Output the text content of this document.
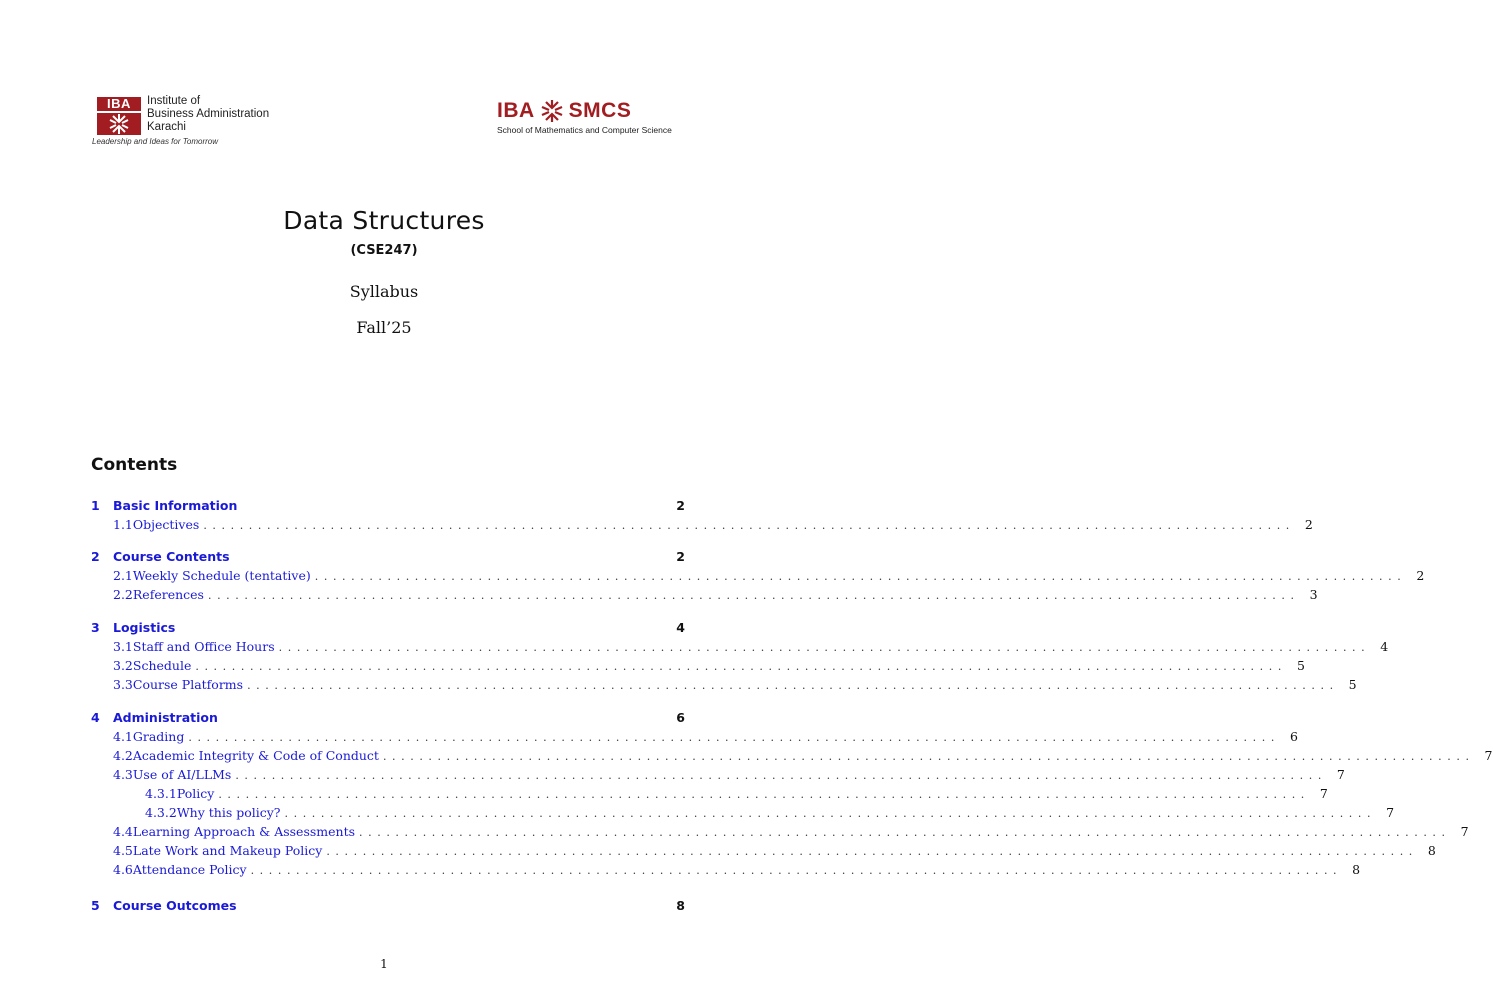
IBA	Institute of
Business Administration
Karachi
Leadership and Ideas for Tomorrow
IBA SMCS
School of Mathematics and Computer Science
Data Structures
(CSE247)
Syllabus
Fall’25
Contents
1	Basic Information	2
1.1 Objectives ........................................................................................................................ 2
2	Course Contents	2
2.1 Weekly Schedule (tentative) ........................................................................................................................ 2
2.2 References ........................................................................................................................ 3
3	Logistics	4
3.1 Staff and Office Hours ........................................................................................................................ 4
3.2 Schedule ........................................................................................................................ 5
3.3 Course Platforms ........................................................................................................................ 5
4	Administration	6
4.1 Grading ........................................................................................................................ 6
4.2 Academic Integrity & Code of Conduct ........................................................................................................................ 7
4.3 Use of AI/LLMs ........................................................................................................................ 7
4.3.1 Policy ........................................................................................................................ 7
4.3.2 Why this policy? ........................................................................................................................ 7
4.4 Learning Approach & Assessments ........................................................................................................................ 7
4.5 Late Work and Makeup Policy ........................................................................................................................ 8
4.6 Attendance Policy ........................................................................................................................ 8
5	Course Outcomes	8
1
